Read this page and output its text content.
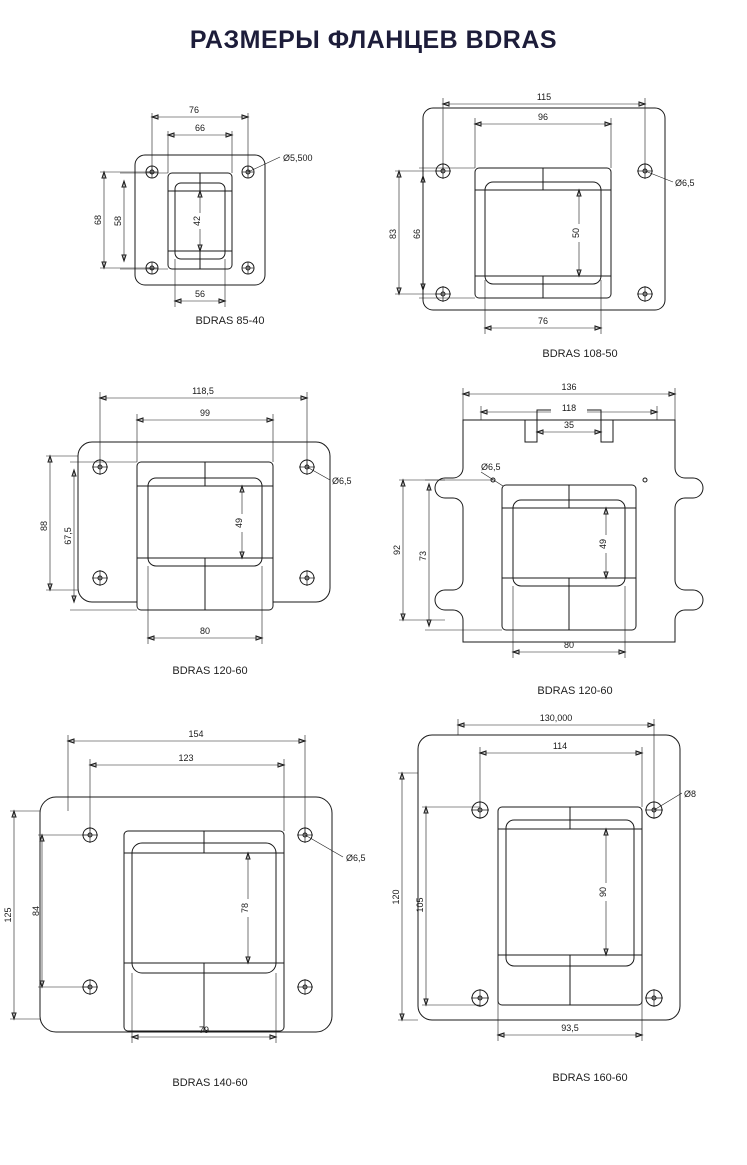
РАЗМЕРЫ ФЛАНЦЕВ BDRAS
Ø5,500
76
66
68 58	42
56
BDRAS 85-40
Ø6,5
115
96
83 66	50
76
BDRAS 108-50
Ø6,5
118,5
99
88
67,5
49
80
BDRAS 120-60
Ø6,5
136
118
35
92
73
49
80
BDRAS 120-60
Ø6,5
154
123
125 84	78
79
BDRAS 140-60
Ø8
130,000
114
120
105
90
93,5
BDRAS 160-60
